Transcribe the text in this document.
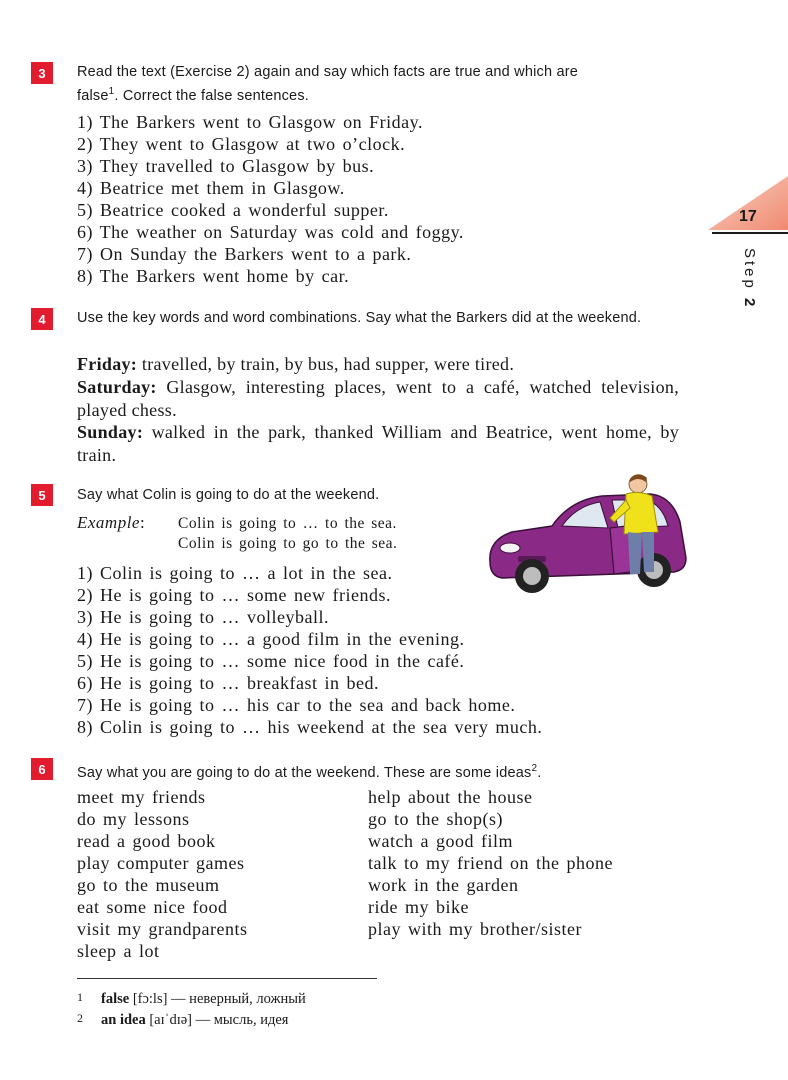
17
Step 2
3	Read the text (Exercise 2) again and say which facts are true and which are
false$^1$. Correct the false sentences.
1) The Barkers went to Glasgow on Friday.
2) They went to Glasgow at two o’clock.
3) They travelled to Glasgow by bus.
4) Beatrice met them in Glasgow.
5) Beatrice cooked a wonderful supper.
6) The weather on Saturday was cold and foggy.
7) On Sunday the Barkers went to a park.
8) The Barkers went home by car.
4	Use the key words and word combinations. Say what the Barkers did at the weekend.
Friday: travelled, by train, by bus, had supper, were tired.
Saturday: Glasgow, interesting places, went to a café, watched television, played chess.
Sunday: walked in the park, thanked William and Beatrice, went home, by train.
5	Say what Colin is going to do at the weekend.
Example: Colin is going to … to the sea.
Colin is going to go to the sea.
1) Colin is going to … a lot in the sea.
2) He is going to … some new friends.
3) He is going to … volleyball.
4) He is going to … a good film in the evening.
5) He is going to … some nice food in the café.
6) He is going to … breakfast in bed.
7) He is going to … his car to the sea and back home.
8) Colin is going to … his weekend at the sea very much.
6	Say what you are going to do at the weekend. These are some ideas$^2$.
meet my friends
do my lessons
read a good book
play computer games
go to the museum
eat some nice food
visit my grandparents
sleep a lot
help about the house
go to the shop(s)
watch a good film
talk to my friend on the phone
work in the garden
ride my bike
play with my brother/sister
1 false [fɔ:ls] — неверный, ложный
2 an idea [aɪˈdɪə] — мысль, идея
